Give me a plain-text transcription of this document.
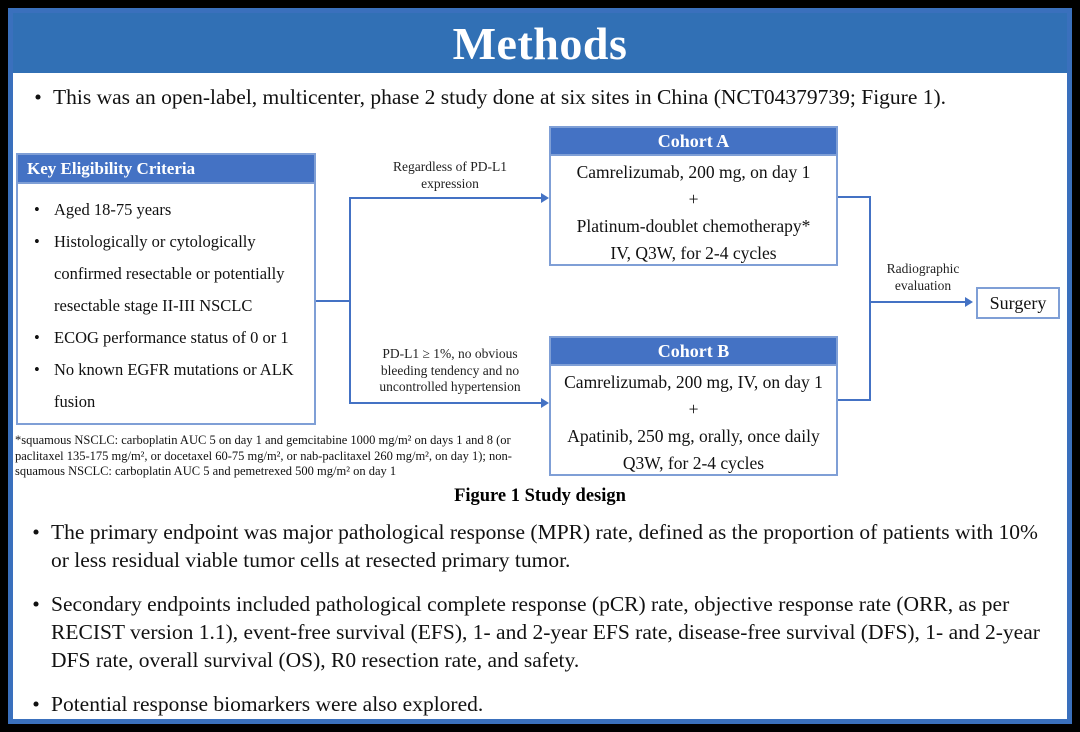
Methods
• This was an open-label, multicenter, phase 2 study done at six sites in China (NCT04379739; Figure 1).
Key Eligibility Criteria
• Aged 18-75 years
• Histologically or cytologically confirmed resectable or potentially resectable stage II-III NSCLC
• ECOG performance status of 0 or 1
• No known EGFR mutations or ALK fusion
Regardless of PD-L1 expression
PD-L1 ≥ 1%, no obvious bleeding tendency and no uncontrolled hypertension
Cohort A
Camrelizumab, 200 mg, on day 1
+
Platinum-doublet chemotherapy*
IV, Q3W, for 2-4 cycles
Cohort B
Camrelizumab, 200 mg, IV, on day 1
+
Apatinib, 250 mg, orally, once daily
Q3W, for 2-4 cycles
Radiographic evaluation
Surgery
*squamous NSCLC: carboplatin AUC 5 on day 1 and gemcitabine 1000 mg/m² on days 1 and 8 (or paclitaxel 135-175 mg/m², or docetaxel 60-75 mg/m², or nab-paclitaxel 260 mg/m², on day 1); non-squamous NSCLC: carboplatin AUC 5 and pemetrexed 500 mg/m² on day 1
Figure 1 Study design
• The primary endpoint was major pathological response (MPR) rate, defined as the proportion of patients with 10% or less residual viable tumor cells at resected primary tumor.
• Secondary endpoints included pathological complete response (pCR) rate, objective response rate (ORR, as per RECIST version 1.1), event-free survival (EFS), 1- and 2-year EFS rate, disease-free survival (DFS), 1- and 2-year DFS rate, overall survival (OS), R0 resection rate, and safety.
• Potential response biomarkers were also explored.
